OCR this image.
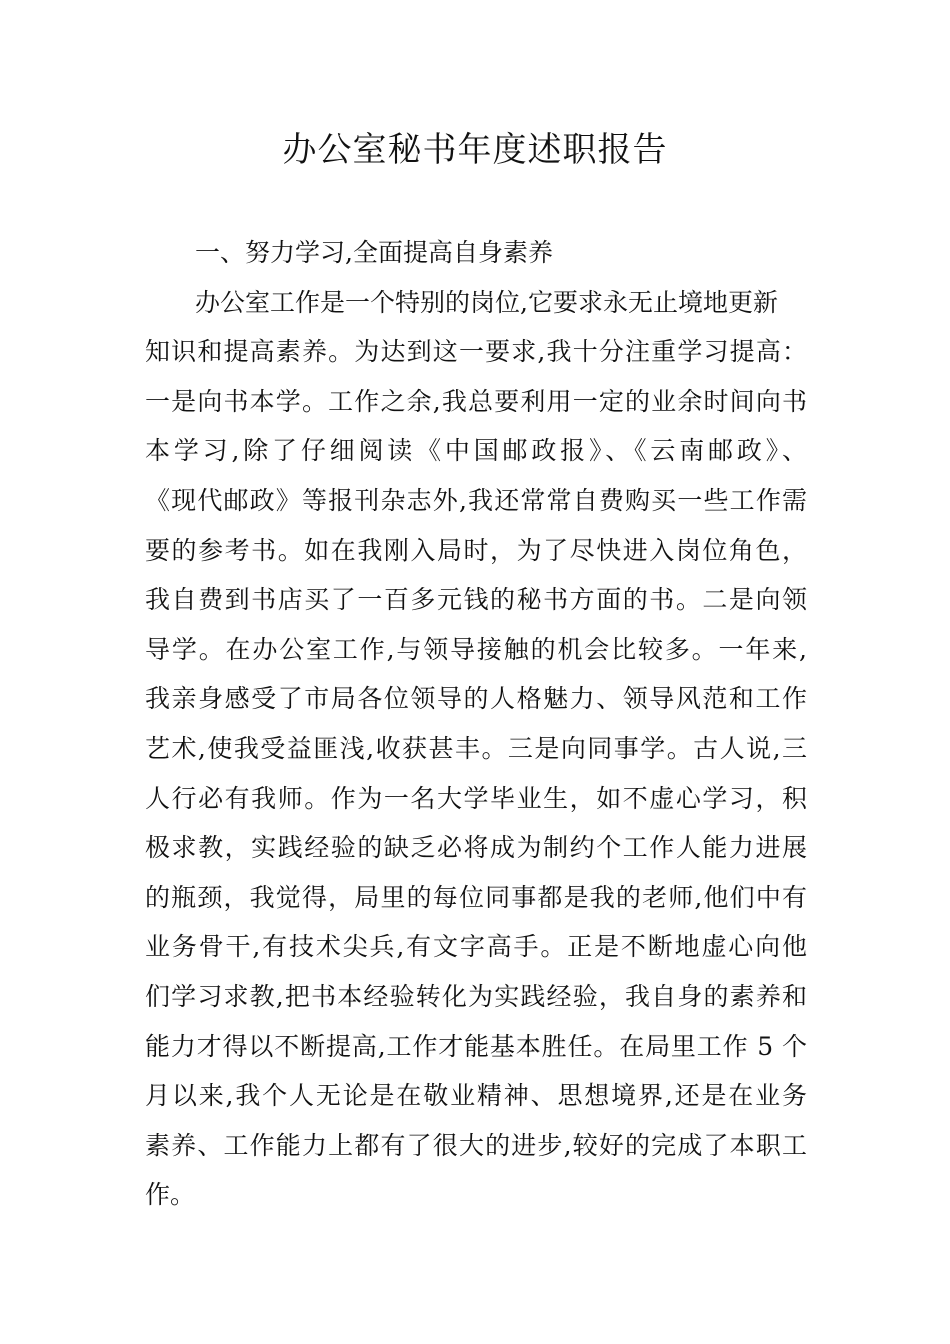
办公室秘书年度述职报告
一、努力学习,全面提高自身素养
办公室工作是一个特别的岗位,它要求永无止境地更新
知识和提高素养。为达到这一要求,我十分注重学习提高：
一是向书本学。工作之余,我总要利用一定的业余时间向书
本学习,除了仔细阅读《中国邮政报》、《云南邮政》、
《现代邮政》等报刊杂志外,我还常常自费购买一些工作需
要的参考书。如在我刚入局时，为了尽快进入岗位角色，
我自费到书店买了一百多元钱的秘书方面的书。二是向领
导学。在办公室工作,与领导接触的机会比较多。一年来,
我亲身感受了市局各位领导的人格魅力、领导风范和工作
艺术,使我受益匪浅,收获甚丰。三是向同事学。古人说,三
人行必有我师。作为一名大学毕业生，如不虚心学习，积
极求教，实践经验的缺乏必将成为制约个工作人能力进展
的瓶颈，我觉得，局里的每位同事都是我的老师,他们中有
业务骨干,有技术尖兵,有文字高手。正是不断地虚心向他
们学习求教,把书本经验转化为实践经验，我自身的素养和
能力才得以不断提高,工作才能基本胜任。在局里工作 5 个
月以来,我个人无论是在敬业精神、思想境界,还是在业务
素养、工作能力上都有了很大的进步,较好的完成了本职工
作。
